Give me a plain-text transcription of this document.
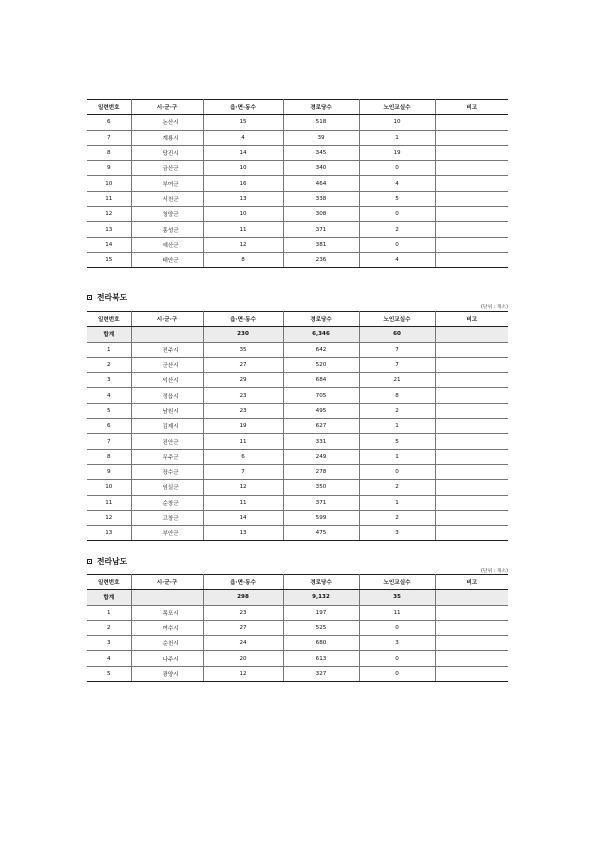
일련번호	시·군·구	읍·면·동수	경로당수	노인교실수	비고
6	논산시	15	518	10	
7	계룡시	4	39	1	
8	당진시	14	345	19	
9	금산군	10	340	0	
10	부여군	16	464	4	
11	서천군	13	338	5	
12	청양군	10	308	0	
13	홍성군	11	371	2	
14	예산군	12	381	0	
15	태안군	8	236	4	
전라북도
(단위 : 개소)
일련번호	시·군·구	읍·면·동수	경로당수	노인교실수	비고
합계		230	6,346	60	
1	전주시	35	642	7	
2	군산시	27	520	7	
3	익산시	29	684	21	
4	정읍시	23	705	8	
5	남원시	23	495	2	
6	김제시	19	627	1	
7	진안군	11	331	5	
8	무주군	6	249	1	
9	장수군	7	278	0	
10	임실군	12	350	2	
11	순창군	11	371	1	
12	고창군	14	599	2	
13	부안군	13	475	3	
전라남도
(단위 : 개소)
일련번호	시·군·구	읍·면·동수	경로당수	노인교실수	비고
합계		298	9,132	35	
1	목포시	23	197	11	
2	여수시	27	525	0	
3	순천시	24	680	3	
4	나주시	20	613	0	
5	광양시	12	327	0	
